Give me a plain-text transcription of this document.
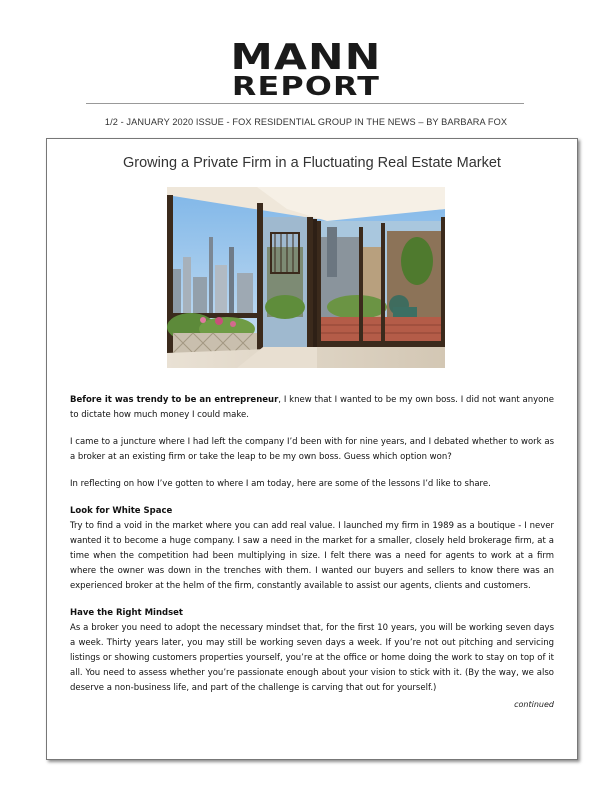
MANN
REPORT
1/2 - JANUARY 2020 ISSUE - FOX RESIDENTIAL GROUP IN THE NEWS – BY BARBARA FOX
Growing a Private Firm in a Fluctuating Real Estate Market

Before it was trendy to be an entrepreneur, I knew that I wanted to be my own boss. I did not want anyone to dictate how much money I could make.

I came to a juncture where I had left the company I’d been with for nine years, and I debated whether to work as a broker at an existing firm or take the leap to be my own boss. Guess which option won?

In reflecting on how I’ve gotten to where I am today, here are some of the lessons I’d like to share.

Look for White Space

Try to find a void in the market where you can add real value. I launched my firm in 1989 as a boutique - I never wanted it to become a huge company. I saw a need in the market for a smaller, closely held brokerage firm, at a time when the competition had been multiplying in size. I felt there was a need for agents to work at a firm where the owner was down in the trenches with them. I wanted our buyers and sellers to know there was an experienced broker at the helm of the firm, constantly available to assist our agents, clients and customers.

Have the Right Mindset

As a broker you need to adopt the necessary mindset that, for the first 10 years, you will be working seven days a week. Thirty years later, you may still be working seven days a week. If you’re not out pitching and servicing listings or showing customers properties yourself, you’re at the office or home doing the work to stay on top of it all. You need to assess whether you’re passionate enough about your vision to stick with it. (By the way, we also deserve a non-business life, and part of the challenge is carving that out for yourself.)

continued
